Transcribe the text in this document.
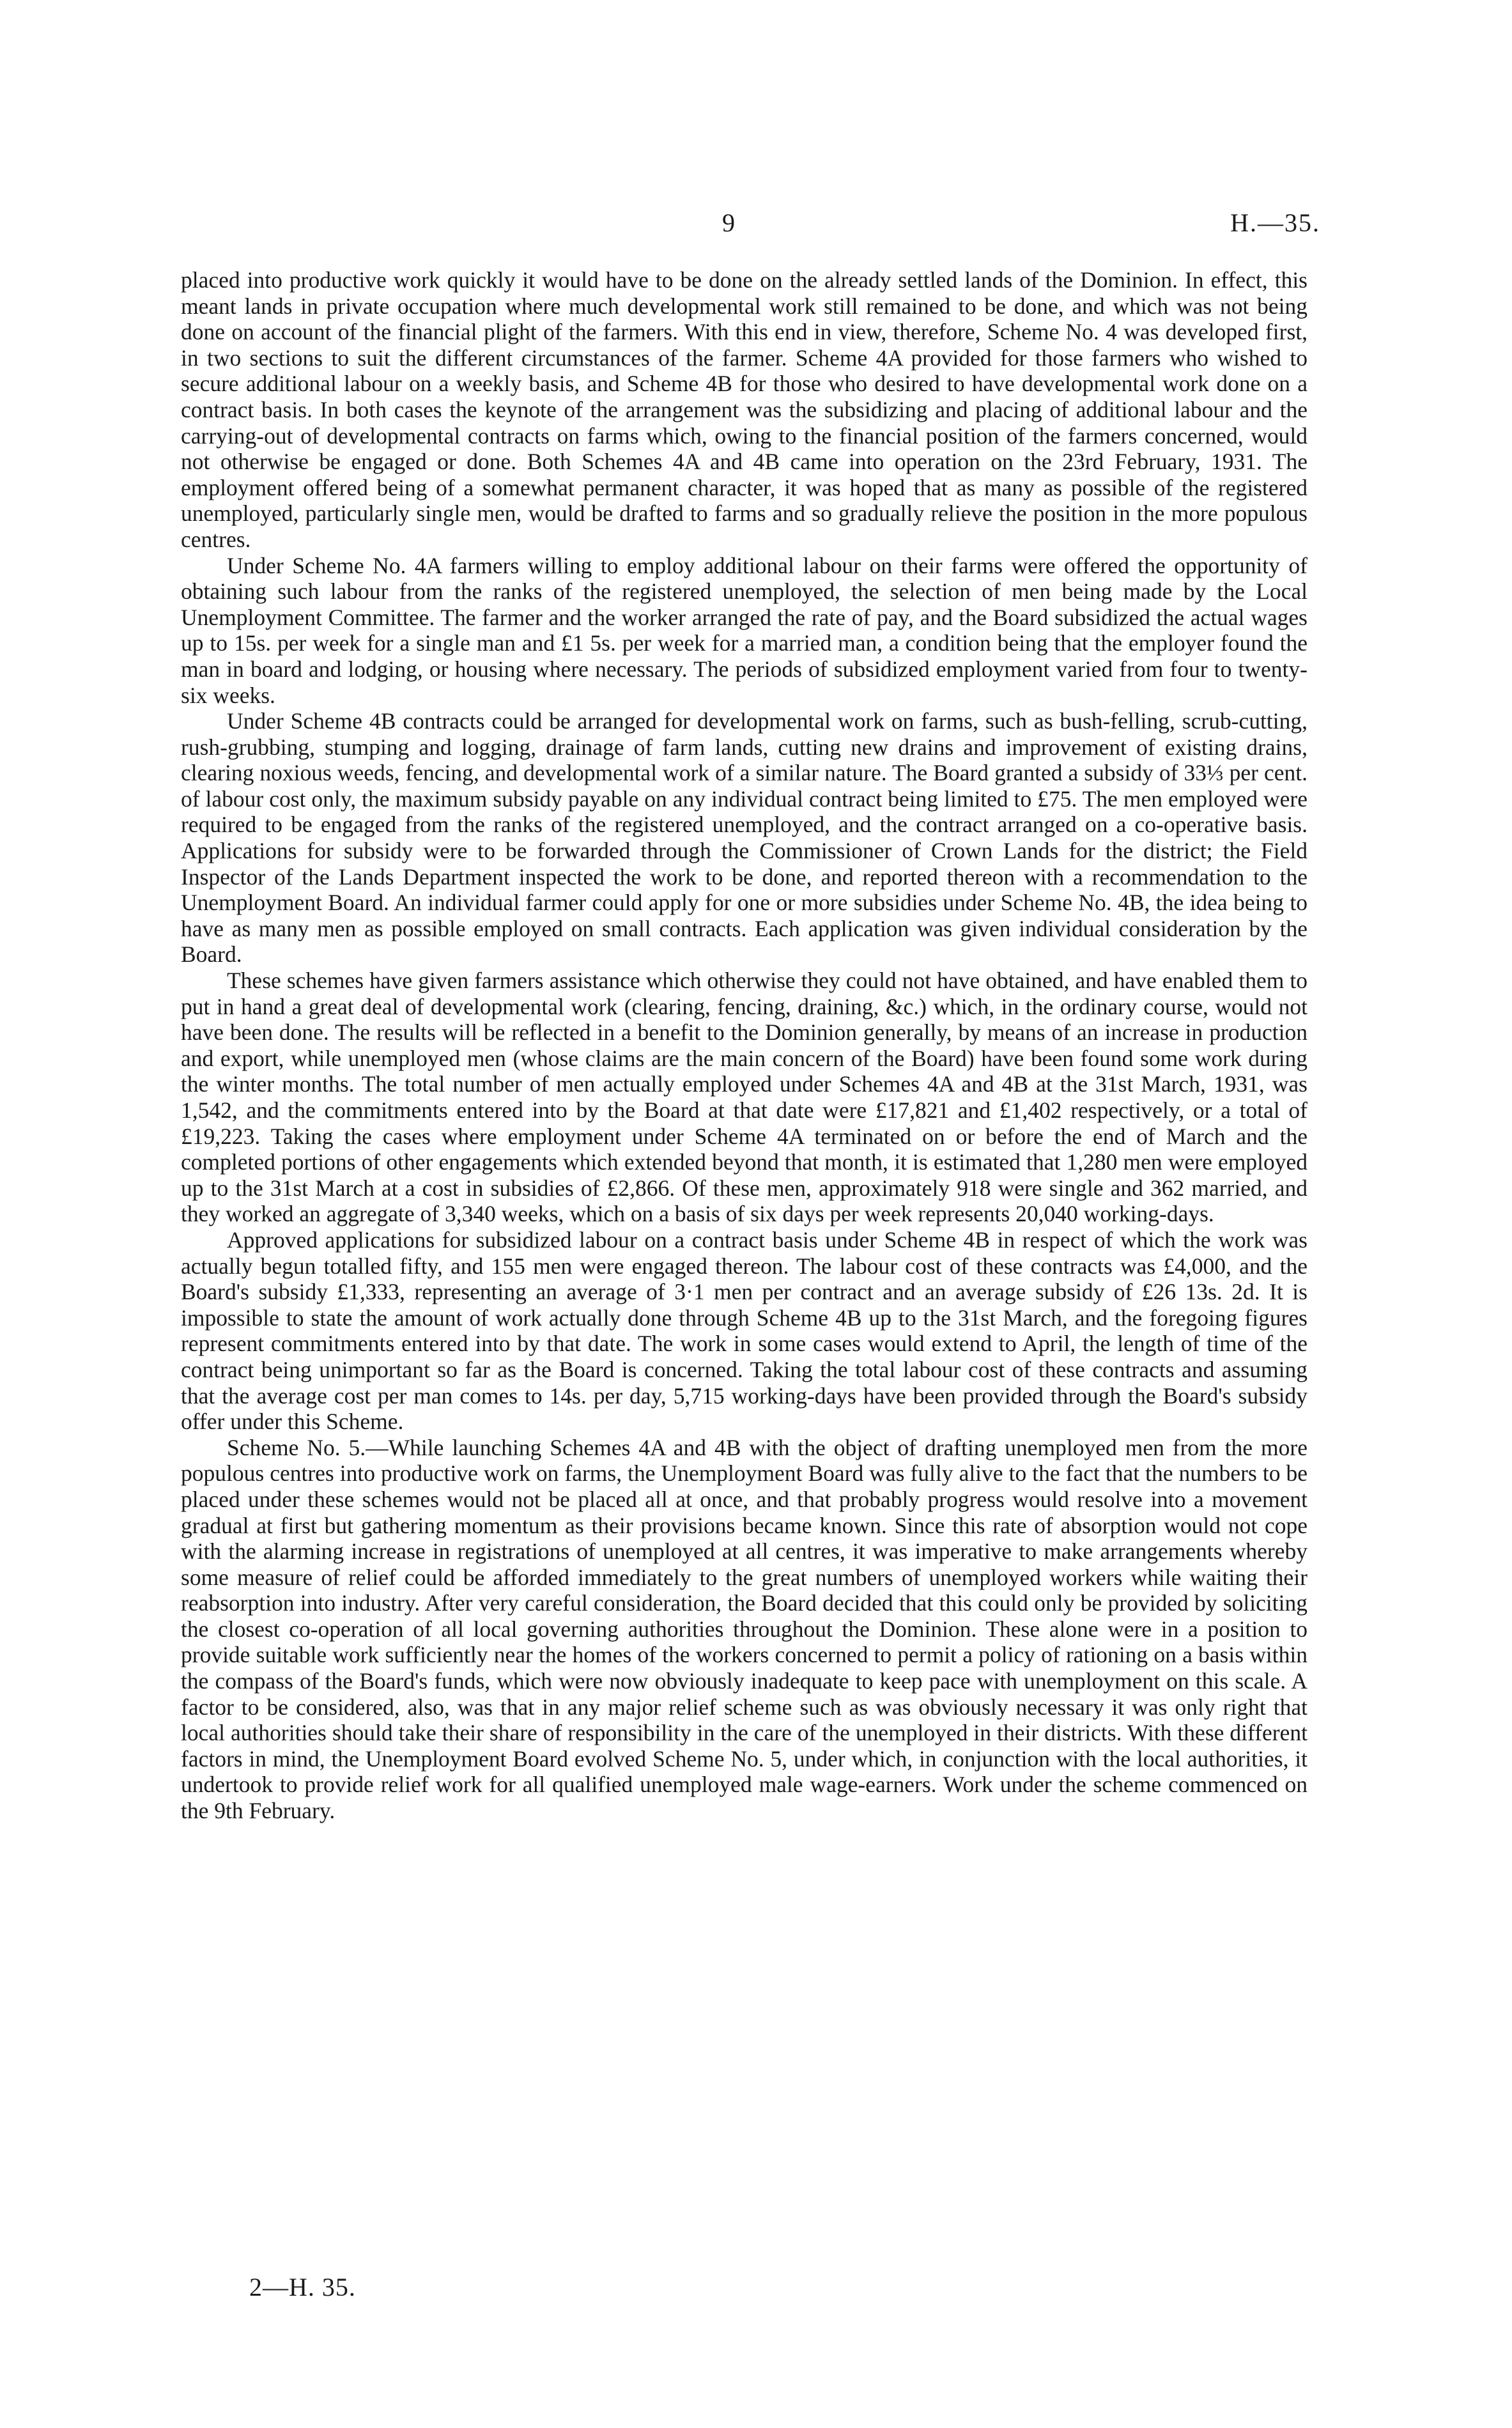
9	H.—35.

placed into productive work quickly it would have to be done on the already settled lands of the Dominion. In effect, this meant lands in private occupation where much developmental work still remained to be done, and which was not being done on account of the financial plight of the farmers. With this end in view, therefore, Scheme No. 4 was developed first, in two sections to suit the different circumstances of the farmer. Scheme 4A provided for those farmers who wished to secure additional labour on a weekly basis, and Scheme 4B for those who desired to have developmental work done on a contract basis. In both cases the keynote of the arrangement was the subsidizing and placing of additional labour and the carrying-out of developmental contracts on farms which, owing to the financial position of the farmers concerned, would not otherwise be engaged or done. Both Schemes 4A and 4B came into operation on the 23rd February, 1931. The employment offered being of a somewhat permanent character, it was hoped that as many as possible of the registered unemployed, particularly single men, would be drafted to farms and so gradually relieve the position in the more populous centres.

Under Scheme No. 4A farmers willing to employ additional labour on their farms were offered the opportunity of obtaining such labour from the ranks of the registered unemployed, the selection of men being made by the Local Unemployment Committee. The farmer and the worker arranged the rate of pay, and the Board subsidized the actual wages up to 15s. per week for a single man and £1 5s. per week for a married man, a condition being that the employer found the man in board and lodging, or housing where necessary. The periods of subsidized employment varied from four to twenty-six weeks.

Under Scheme 4B contracts could be arranged for developmental work on farms, such as bush-felling, scrub-cutting, rush-grubbing, stumping and logging, drainage of farm lands, cutting new drains and improvement of existing drains, clearing noxious weeds, fencing, and developmental work of a similar nature. The Board granted a subsidy of 33⅓ per cent. of labour cost only, the maximum subsidy payable on any individual contract being limited to £75. The men employed were required to be engaged from the ranks of the registered unemployed, and the contract arranged on a co-operative basis. Applications for subsidy were to be forwarded through the Commissioner of Crown Lands for the district; the Field Inspector of the Lands Department inspected the work to be done, and reported thereon with a recommendation to the Unemployment Board. An individual farmer could apply for one or more subsidies under Scheme No. 4B, the idea being to have as many men as possible employed on small contracts. Each application was given individual consideration by the Board.

These schemes have given farmers assistance which otherwise they could not have obtained, and have enabled them to put in hand a great deal of developmental work (clearing, fencing, draining, &c.) which, in the ordinary course, would not have been done. The results will be reflected in a benefit to the Dominion generally, by means of an increase in production and export, while unemployed men (whose claims are the main concern of the Board) have been found some work during the winter months. The total number of men actually employed under Schemes 4A and 4B at the 31st March, 1931, was 1,542, and the commitments entered into by the Board at that date were £17,821 and £1,402 respectively, or a total of £19,223. Taking the cases where employment under Scheme 4A terminated on or before the end of March and the completed portions of other engagements which extended beyond that month, it is estimated that 1,280 men were employed up to the 31st March at a cost in subsidies of £2,866. Of these men, approximately 918 were single and 362 married, and they worked an aggregate of 3,340 weeks, which on a basis of six days per week represents 20,040 working-days.

Approved applications for subsidized labour on a contract basis under Scheme 4B in respect of which the work was actually begun totalled fifty, and 155 men were engaged thereon. The labour cost of these contracts was £4,000, and the Board's subsidy £1,333, representing an average of 3·1 men per contract and an average subsidy of £26 13s. 2d. It is impossible to state the amount of work actually done through Scheme 4B up to the 31st March, and the foregoing figures represent commitments entered into by that date. The work in some cases would extend to April, the length of time of the contract being unimportant so far as the Board is concerned. Taking the total labour cost of these contracts and assuming that the average cost per man comes to 14s. per day, 5,715 working-days have been provided through the Board's subsidy offer under this Scheme.

Scheme No. 5.—While launching Schemes 4A and 4B with the object of drafting unemployed men from the more populous centres into productive work on farms, the Unemployment Board was fully alive to the fact that the numbers to be placed under these schemes would not be placed all at once, and that probably progress would resolve into a movement gradual at first but gathering momentum as their provisions became known. Since this rate of absorption would not cope with the alarming increase in registrations of unemployed at all centres, it was imperative to make arrangements whereby some measure of relief could be afforded immediately to the great numbers of unemployed workers while waiting their reabsorption into industry. After very careful consideration, the Board decided that this could only be provided by soliciting the closest co-operation of all local governing authorities throughout the Dominion. These alone were in a position to provide suitable work sufficiently near the homes of the workers concerned to permit a policy of rationing on a basis within the compass of the Board's funds, which were now obviously inadequate to keep pace with unemployment on this scale. A factor to be considered, also, was that in any major relief scheme such as was obviously necessary it was only right that local authorities should take their share of responsibility in the care of the unemployed in their districts. With these different factors in mind, the Unemployment Board evolved Scheme No. 5, under which, in conjunction with the local authorities, it undertook to provide relief work for all qualified unemployed male wage-earners. Work under the scheme commenced on the 9th February.

2—H. 35.
